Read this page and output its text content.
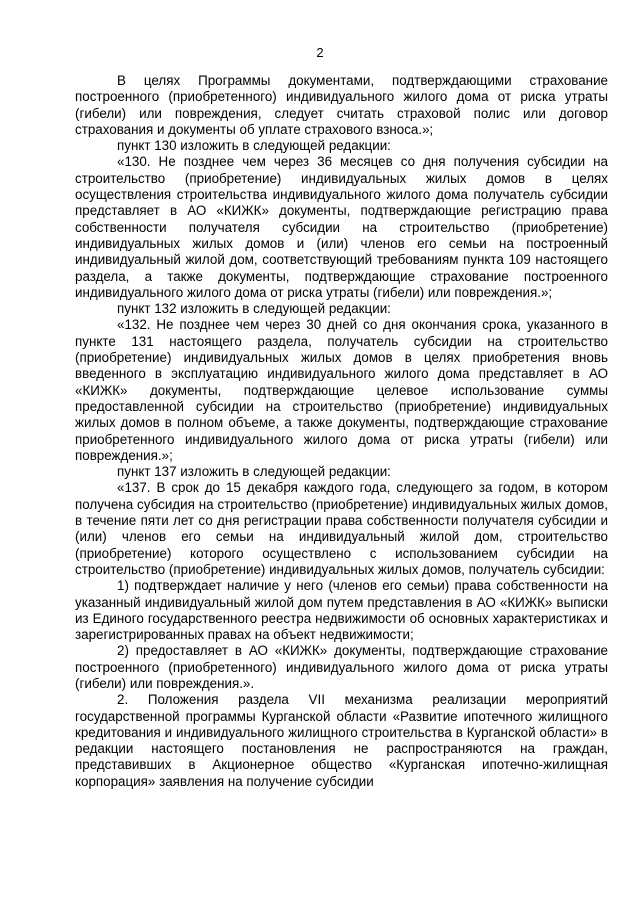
2

В целях Программы документами, подтверждающими страхование построенного (приобретенного) индивидуального жилого дома от риска утраты (гибели) или повреждения, следует считать страховой полис или договор страхования и документы об уплате страхового взноса.»;

пункт 130 изложить в следующей редакции:

«130. Не позднее чем через 36 месяцев со дня получения субсидии на строительство (приобретение) индивидуальных жилых домов в целях осуществления строительства индивидуального жилого дома получатель субсидии представляет в АО «КИЖК» документы, подтверждающие регистрацию права собственности получателя субсидии на строительство (приобретение) индивидуальных жилых домов и (или) членов его семьи на построенный индивидуальный жилой дом, соответствующий требованиям пункта 109 настоящего раздела, а также документы, подтверждающие страхование построенного индивидуального жилого дома от риска утраты (гибели) или повреждения.»;

пункт 132 изложить в следующей редакции:

«132. Не позднее чем через 30 дней со дня окончания срока, указанного в пункте 131 настоящего раздела, получатель субсидии на строительство (приобретение) индивидуальных жилых домов в целях приобретения вновь введенного в эксплуатацию индивидуального жилого дома представляет в АО «КИЖК» документы, подтверждающие целевое использование суммы предоставленной субсидии на строительство (приобретение) индивидуальных жилых домов в полном объеме, а также документы, подтверждающие страхование приобретенного индивидуального жилого дома от риска утраты (гибели) или повреждения.»;

пункт 137 изложить в следующей редакции:

«137. В срок до 15 декабря каждого года, следующего за годом, в котором получена субсидия на строительство (приобретение) индивидуальных жилых домов, в течение пяти лет со дня регистрации права собственности получателя субсидии и (или) членов его семьи на индивидуальный жилой дом, строительство (приобретение) которого осуществлено с использованием субсидии на строительство (приобретение) индивидуальных жилых домов, получатель субсидии:

1) подтверждает наличие у него (членов его семьи) права собственности на указанный индивидуальный жилой дом путем представления в АО «КИЖК» выписки из Единого государственного реестра недвижимости об основных характеристиках и зарегистрированных правах на объект недвижимости;

2) предоставляет в АО «КИЖК» документы, подтверждающие страхование построенного (приобретенного) индивидуального жилого дома от риска утраты (гибели) или повреждения.».

2. Положения раздела VII механизма реализации мероприятий государственной программы Курганской области «Развитие ипотечного жилищного кредитования и индивидуального жилищного строительства в Курганской области» в редакции настоящего постановления не распространяются на граждан, представивших в Акционерное общество «Курганская ипотечно-жилищная корпорация» заявления на получение субсидии
